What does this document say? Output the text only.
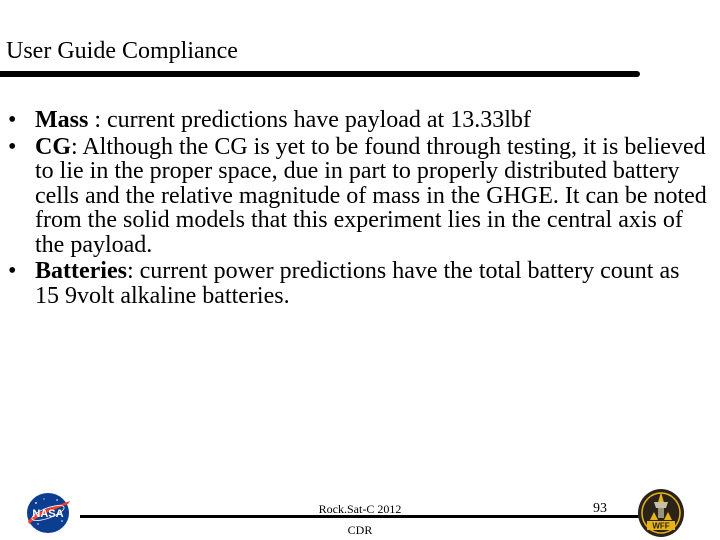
User Guide Compliance
• Mass : current predictions have payload at 13.33lbf
• CG: Although the CG is yet to be found through testing, it is believed to lie in the proper space, due in part to properly distributed battery cells and the relative magnitude of mass in the GHGE. It can be noted from the solid models that this experiment lies in the central axis of the payload.
• Batteries: current power predictions have the total battery count as 15 9volt alkaline batteries.
NASA	Rock.Sat-C 2012
CDR
93
WFF
